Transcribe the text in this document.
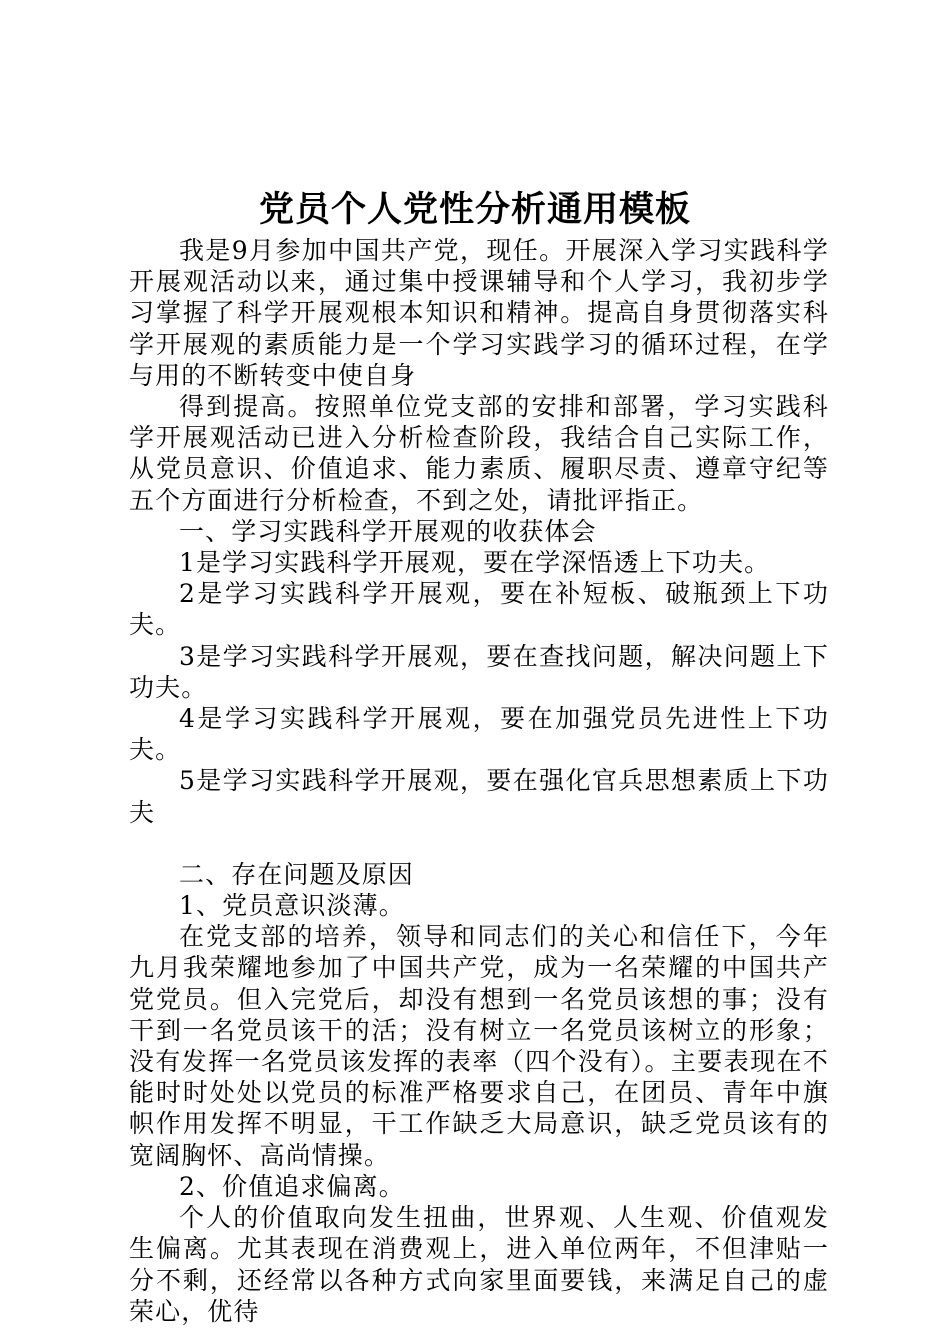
党员个人党性分析通用模板

我是9月参加中国共产党，现任。开展深入学习实践科学开展观活动以来，通过集中授课辅导和个人学习，我初步学习掌握了科学开展观根本知识和精神。提高自身贯彻落实科学开展观的素质能力是一个学习实践学习的循环过程，在学与用的不断转变中使自身

得到提高。按照单位党支部的安排和部署，学习实践科学开展观活动已进入分析检查阶段，我结合自己实际工作，从党员意识、价值追求、能力素质、履职尽责、遵章守纪等五个方面进行分析检查，不到之处，请批评指正。

一、学习实践科学开展观的收获体会

1是学习实践科学开展观，要在学深悟透上下功夫。

2是学习实践科学开展观，要在补短板、破瓶颈上下功夫。

3是学习实践科学开展观，要在查找问题，解决问题上下功夫。

4是学习实践科学开展观，要在加强党员先进性上下功夫。

5是学习实践科学开展观，要在强化官兵思想素质上下功夫

二、存在问题及原因

1、党员意识淡薄。

在党支部的培养，领导和同志们的关心和信任下，今年九月我荣耀地参加了中国共产党，成为一名荣耀的中国共产党党员。但入完党后，却没有想到一名党员该想的事；没有干到一名党员该干的活；没有树立一名党员该树立的形象；没有发挥一名党员该发挥的表率（四个没有）。主要表现在不能时时处处以党员的标准严格要求自己，在团员、青年中旗帜作用发挥不明显，干工作缺乏大局意识，缺乏党员该有的宽阔胸怀、高尚情操。

2、价值追求偏离。

个人的价值取向发生扭曲，世界观、人生观、价值观发生偏离。尤其表现在消费观上，进入单位两年，不但津贴一分不剩，还经常以各种方式向家里面要钱，来满足自己的虚荣心，优待
